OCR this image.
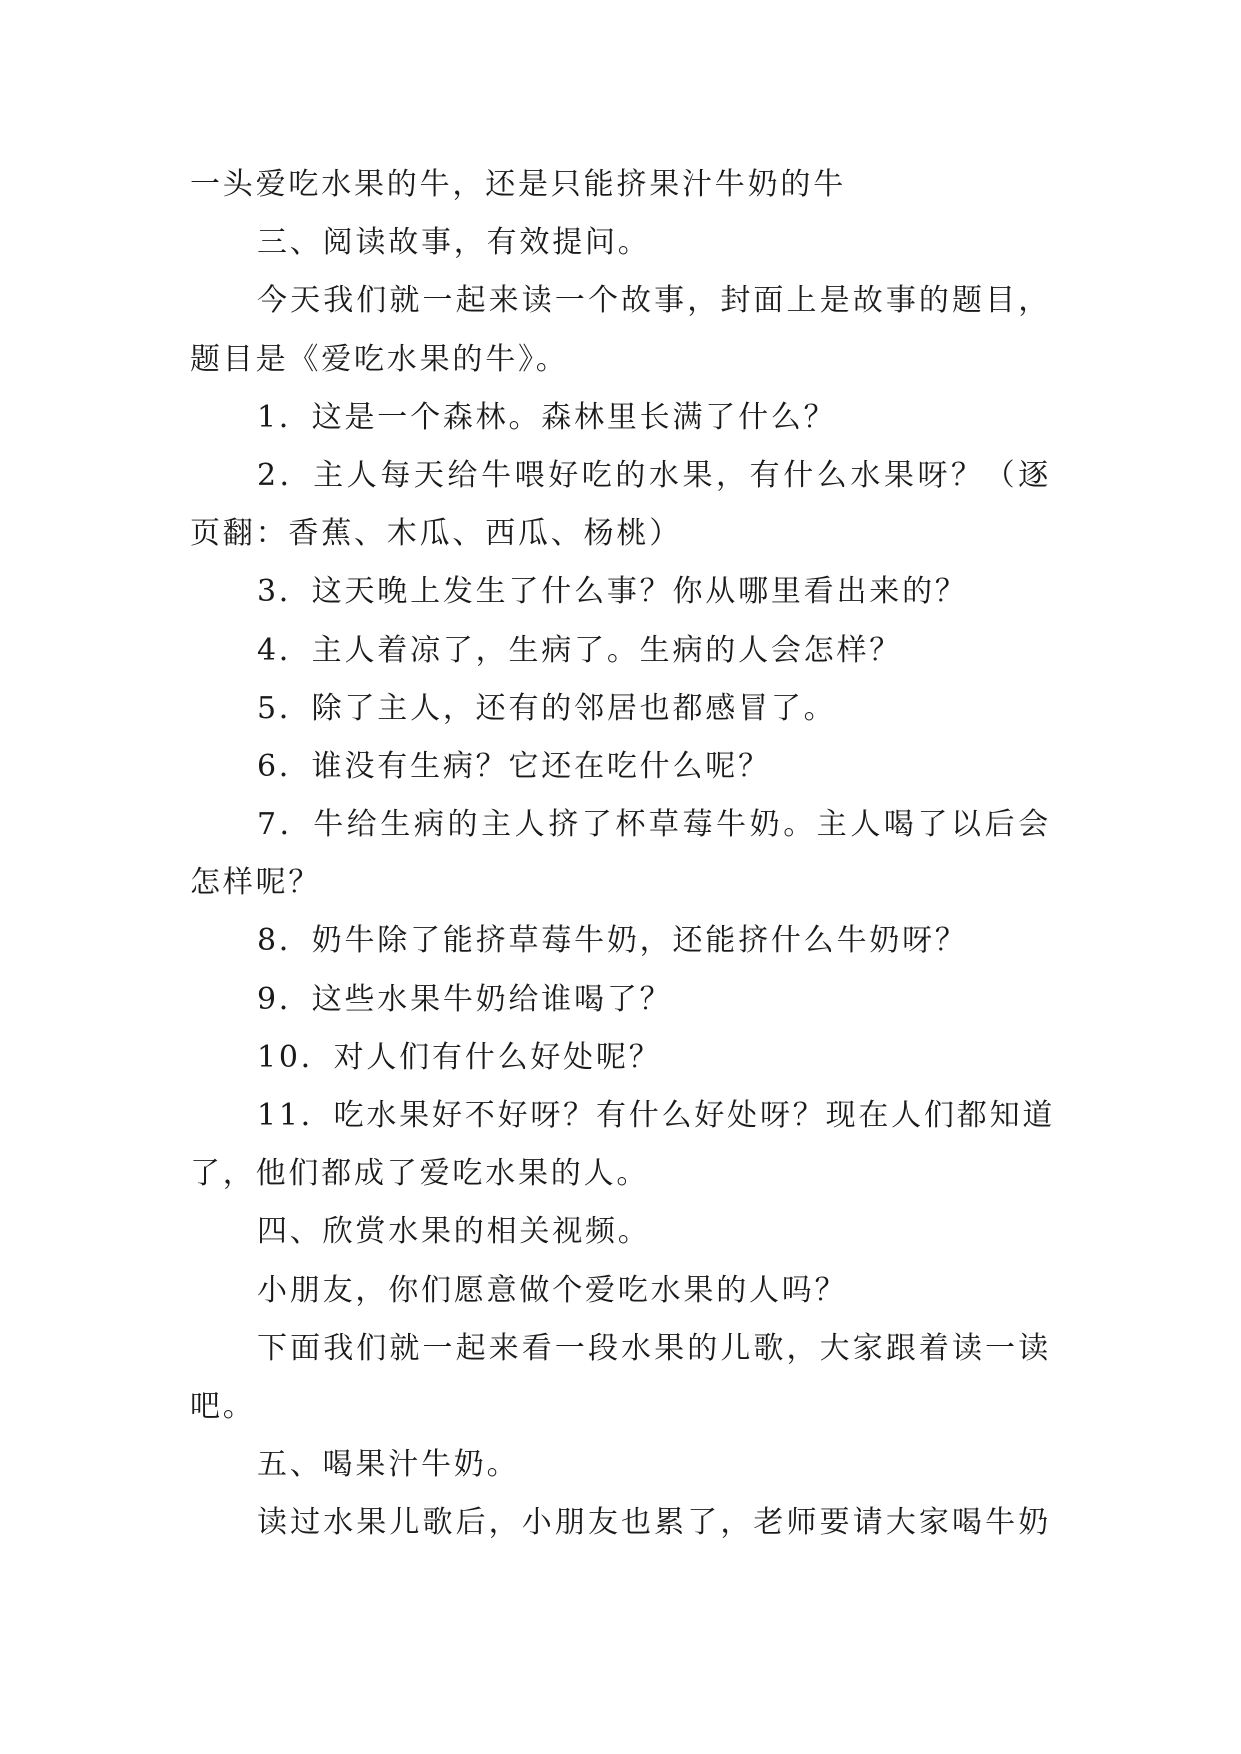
一头爱吃水果的牛，还是只能挤果汁牛奶的牛
三、阅读故事，有效提问。
今天我们就一起来读一个故事，封面上是故事的题目，
题目是《爱吃水果的牛》。
1．这是一个森林。森林里长满了什么？
2．主人每天给牛喂好吃的水果，有什么水果呀？（逐
页翻：香蕉、木瓜、西瓜、杨桃）
3．这天晚上发生了什么事？你从哪里看出来的？
4．主人着凉了，生病了。生病的人会怎样？
5．除了主人，还有的邻居也都感冒了。
6．谁没有生病？它还在吃什么呢？
7．牛给生病的主人挤了杯草莓牛奶。主人喝了以后会
怎样呢？
8．奶牛除了能挤草莓牛奶，还能挤什么牛奶呀？
9．这些水果牛奶给谁喝了？
10．对人们有什么好处呢？
11．吃水果好不好呀？有什么好处呀？现在人们都知道
了，他们都成了爱吃水果的人。
四、欣赏水果的相关视频。
小朋友，你们愿意做个爱吃水果的人吗？
下面我们就一起来看一段水果的儿歌，大家跟着读一读
吧。
五、喝果汁牛奶。
读过水果儿歌后，小朋友也累了，老师要请大家喝牛奶
